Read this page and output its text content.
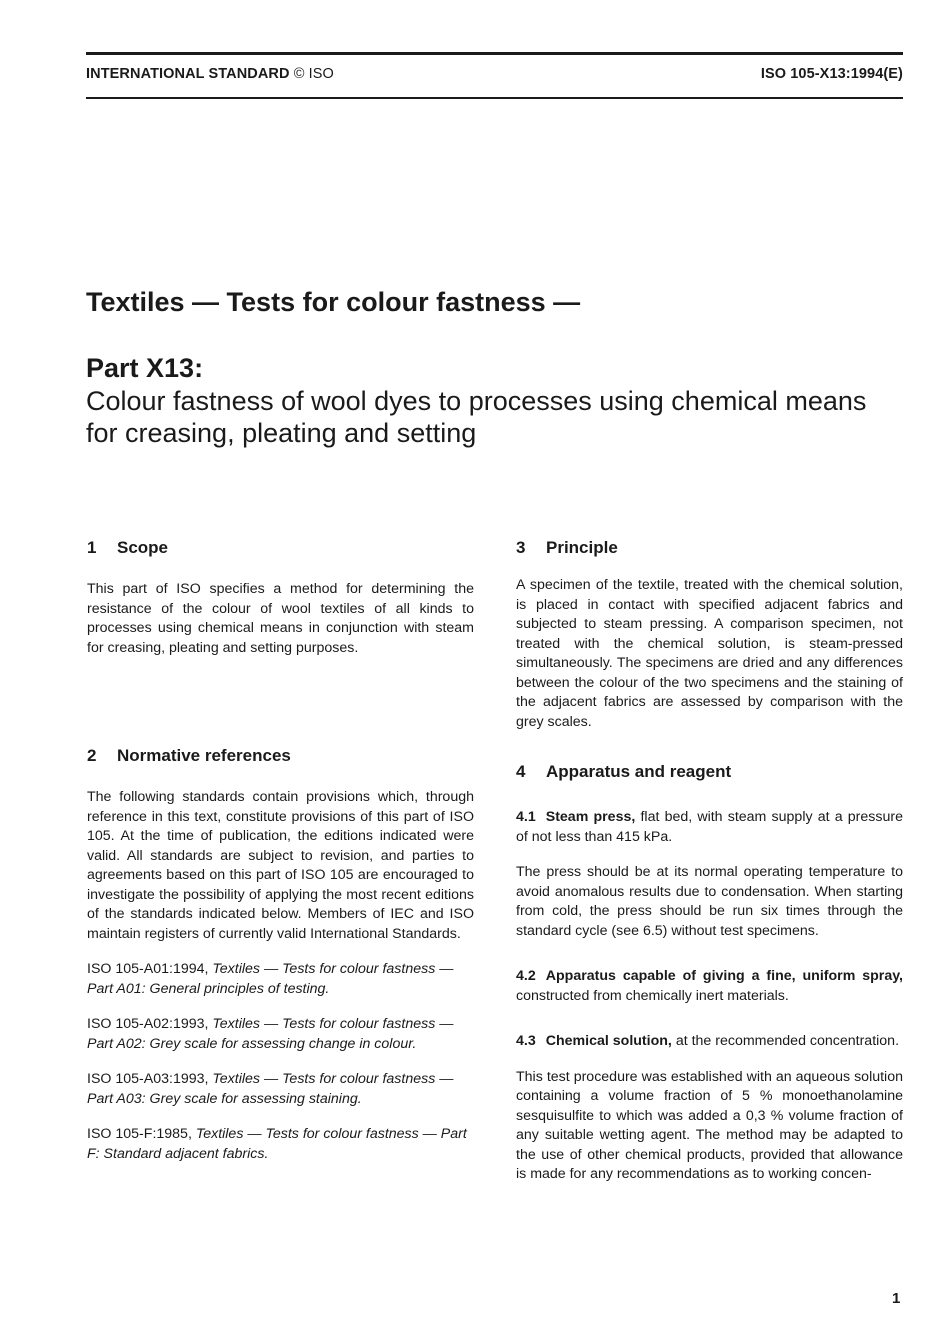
INTERNATIONAL STANDARD © ISO	ISO 105-X13:1994(E)
Textiles — Tests for colour fastness —
Part X13:
Colour fastness of wool dyes to processes using chemical means for creasing, pleating and setting
1 Scope

This part of ISO specifies a method for determining the resistance of the colour of wool textiles of all kinds to processes using chemical means in conjunction with steam for creasing, pleating and setting purposes.

2 Normative references

The following standards contain provisions which, through reference in this text, constitute provisions of this part of ISO 105. At the time of publication, the editions indicated were valid. All standards are subject to revision, and parties to agreements based on this part of ISO 105 are encouraged to investigate the possibility of applying the most recent editions of the standards indicated below. Members of IEC and ISO maintain registers of currently valid International Standards.

ISO 105-A01:1994, Textiles — Tests for colour fastness — Part A01: General principles of testing.

ISO 105-A02:1993, Textiles — Tests for colour fastness — Part A02: Grey scale for assessing change in colour.

ISO 105-A03:1993, Textiles — Tests for colour fastness — Part A03: Grey scale for assessing staining.

ISO 105-F:1985, Textiles — Tests for colour fastness — Part F: Standard adjacent fabrics.

3 Principle

A specimen of the textile, treated with the chemical solution, is placed in contact with specified adjacent fabrics and subjected to steam pressing. A comparison specimen, not treated with the chemical solution, is steam-pressed simultaneously. The specimens are dried and any differences between the colour of the two specimens and the staining of the adjacent fabrics are assessed by comparison with the grey scales.

4 Apparatus and reagent

4.1 Steam press, flat bed, with steam supply at a pressure of not less than 415 kPa.

The press should be at its normal operating temperature to avoid anomalous results due to condensation. When starting from cold, the press should be run six times through the standard cycle (see 6.5) without test specimens.

4.2 Apparatus capable of giving a fine, uniform spray, constructed from chemically inert materials.

4.3 Chemical solution, at the recommended concentration.

This test procedure was established with an aqueous solution containing a volume fraction of 5 % monoethanolamine sesquisulfite to which was added a 0,3 % volume fraction of any suitable wetting agent. The method may be adapted to the use of other chemical products, provided that allowance is made for any recommendations as to working concen-

1
